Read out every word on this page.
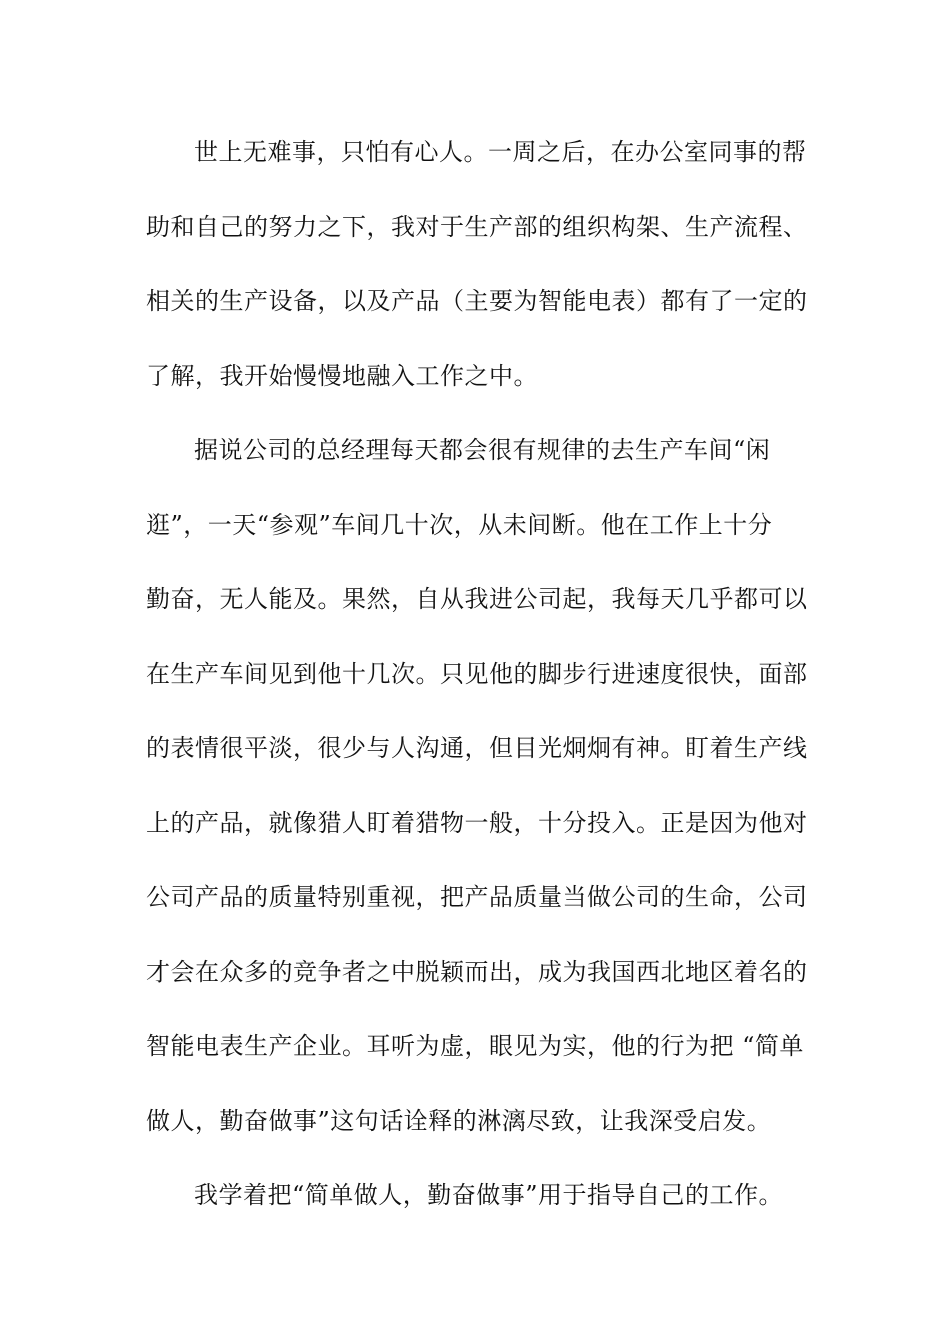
世上无难事，只怕有心人。一周之后，在办公室同事的帮
助和自己的努力之下，我对于生产部的组织构架、生产流程、
相关的生产设备，以及产品（主要为智能电表）都有了一定的
了解，我开始慢慢地融入工作之中。
据说公司的总经理每天都会很有规律的去生产车间“闲
逛”，一天“参观”车间几十次，从未间断。他在工作上十分
勤奋，无人能及。果然，自从我进公司起，我每天几乎都可以
在生产车间见到他十几次。只见他的脚步行进速度很快，面部
的表情很平淡，很少与人沟通，但目光炯炯有神。盯着生产线
上的产品，就像猎人盯着猎物一般，十分投入。正是因为他对
公司产品的质量特别重视，把产品质量当做公司的生命，公司
才会在众多的竞争者之中脱颖而出，成为我国西北地区着名的
智能电表生产企业。耳听为虚，眼见为实，他的行为把 “简单
做人，勤奋做事”这句话诠释的淋漓尽致，让我深受启发。
我学着把“简单做人，勤奋做事”用于指导自己的工作。
